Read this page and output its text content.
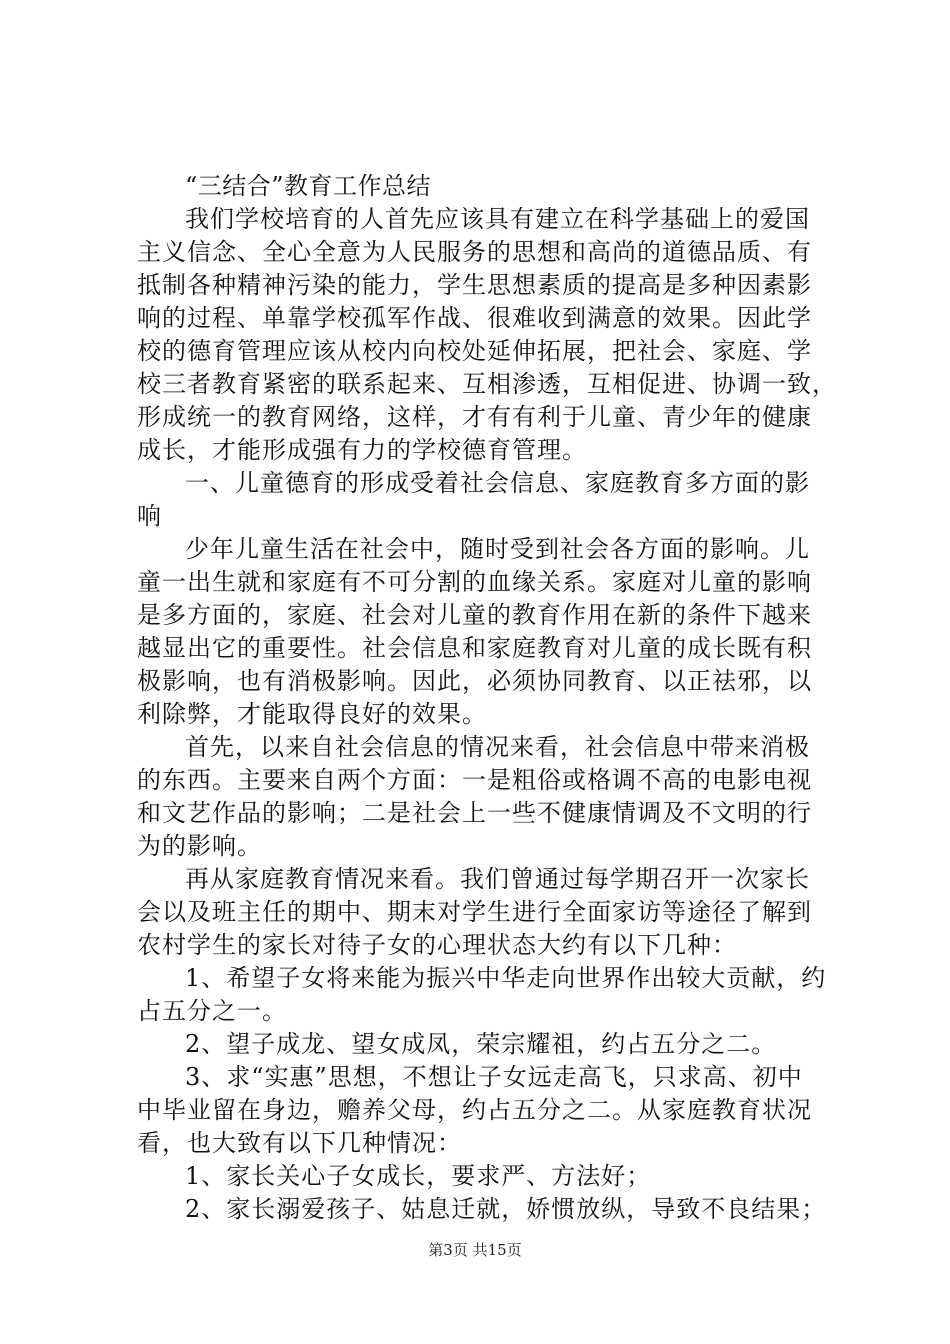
“三结合”教育工作总结
我们学校培育的人首先应该具有建立在科学基础上的爱国
主义信念、全心全意为人民服务的思想和高尚的道德品质、有
抵制各种精神污染的能力，学生思想素质的提高是多种因素影
响的过程、单靠学校孤军作战、很难收到满意的效果。因此学
校的德育管理应该从校内向校处延伸拓展，把社会、家庭、学
校三者教育紧密的联系起来、互相渗透，互相促进、协调一致，
形成统一的教育网络，这样，才有有利于儿童、青少年的健康
成长，才能形成强有力的学校德育管理。
一、儿童德育的形成受着社会信息、家庭教育多方面的影
响
少年儿童生活在社会中，随时受到社会各方面的影响。儿
童一出生就和家庭有不可分割的血缘关系。家庭对儿童的影响
是多方面的，家庭、社会对儿童的教育作用在新的条件下越来
越显出它的重要性。社会信息和家庭教育对儿童的成长既有积
极影响，也有消极影响。因此，必须协同教育、以正祛邪，以
利除弊，才能取得良好的效果。
首先，以来自社会信息的情况来看，社会信息中带来消极
的东西。主要来自两个方面：一是粗俗或格调不高的电影电视
和文艺作品的影响；二是社会上一些不健康情调及不文明的行
为的影响。
再从家庭教育情况来看。我们曾通过每学期召开一次家长
会以及班主任的期中、期末对学生进行全面家访等途径了解到
农村学生的家长对待子女的心理状态大约有以下几种：
1、希望子女将来能为振兴中华走向世界作出较大贡献，约
占五分之一。
2、望子成龙、望女成凤，荣宗耀祖，约占五分之二。
3、求“实惠”思想，不想让子女远走高飞，只求高、初中
中毕业留在身边，赡养父母，约占五分之二。从家庭教育状况
看，也大致有以下几种情况：
1、家长关心子女成长，要求严、方法好；
2、家长溺爱孩子、姑息迁就，娇惯放纵，导致不良结果；
第3页 共15页
